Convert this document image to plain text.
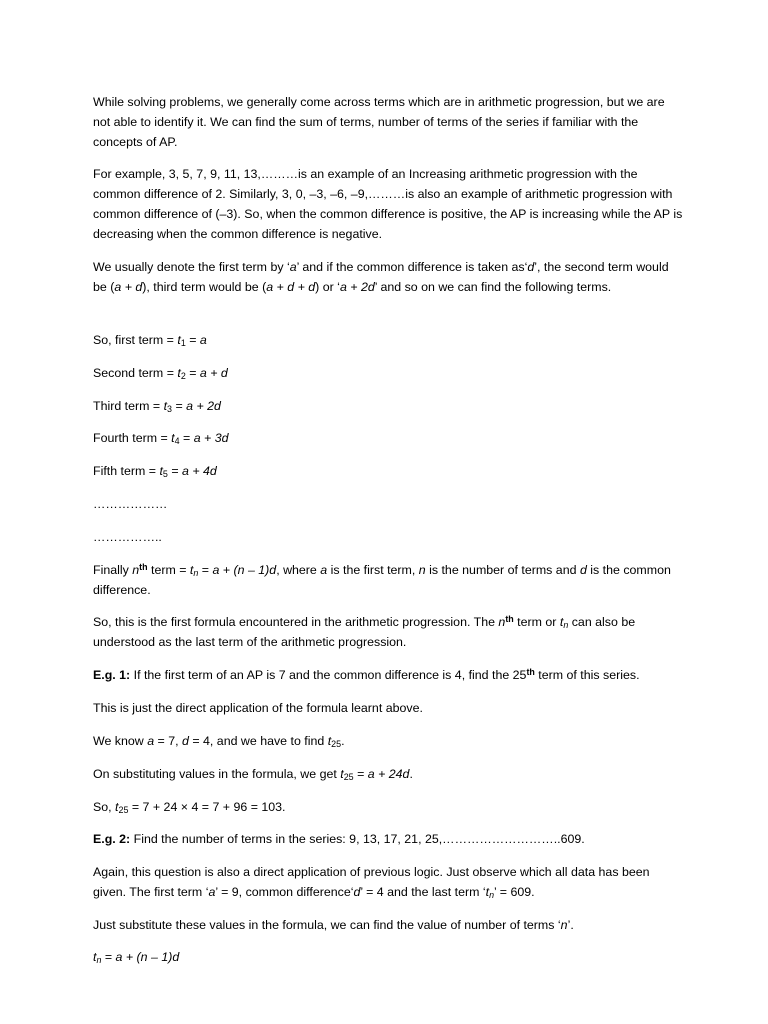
While solving problems, we generally come across terms which are in arithmetic progression, but we are not able to identify it. We can find the sum of terms, number of terms of the series if familiar with the concepts of AP.

For example, 3, 5, 7, 9, 11, 13,………is an example of an Increasing arithmetic progression with the common difference of 2. Similarly, 3, 0, –3, –6, –9,………is also an example of arithmetic progression with common difference of (–3). So, when the common difference is positive, the AP is increasing while the AP is decreasing when the common difference is negative.

We usually denote the first term by ‘a’ and if the common difference is taken as‘d’, the second term would be (a + d), third term would be (a + d + d) or ‘a + 2d’ and so on we can find the following terms.

So, first term = $t_1 = a$

Second term = $t_2 = a + d$

Third term = $t_3 = a + 2d$

Fourth term = $t_4 = a + 3d$

Fifth term = $t_5 = a + 4d$

………………

……………..

Finally $n^{th}$ term = $t_n = a + (n - 1)d$, where a is the first term, n is the number of terms and d is the common difference.

So, this is the first formula encountered in the arithmetic progression. The $n^{th}$ term or $t_n$ can also be understood as the last term of the arithmetic progression.

E.g. 1: If the first term of an AP is 7 and the common difference is 4, find the 25th term of this series.

This is just the direct application of the formula learnt above.

We know a = 7, d = 4, and we have to find $t_{25}$.

On substituting values in the formula, we get $t_{25} = a + 24d$.

So, $t_{25} = 7 + 24 \times 4 = 7 + 96 = 103$.

E.g. 2: Find the number of terms in the series: 9, 13, 17, 21, 25,………………………..609.

Again, this question is also a direct application of previous logic. Just observe which all data has been given. The first term ‘a’ = 9, common difference‘d’ = 4 and the last term ‘$t_n$’ = 609.

Just substitute these values in the formula, we can find the value of number of terms ‘n’.

$t_n = a + (n - 1)d$
